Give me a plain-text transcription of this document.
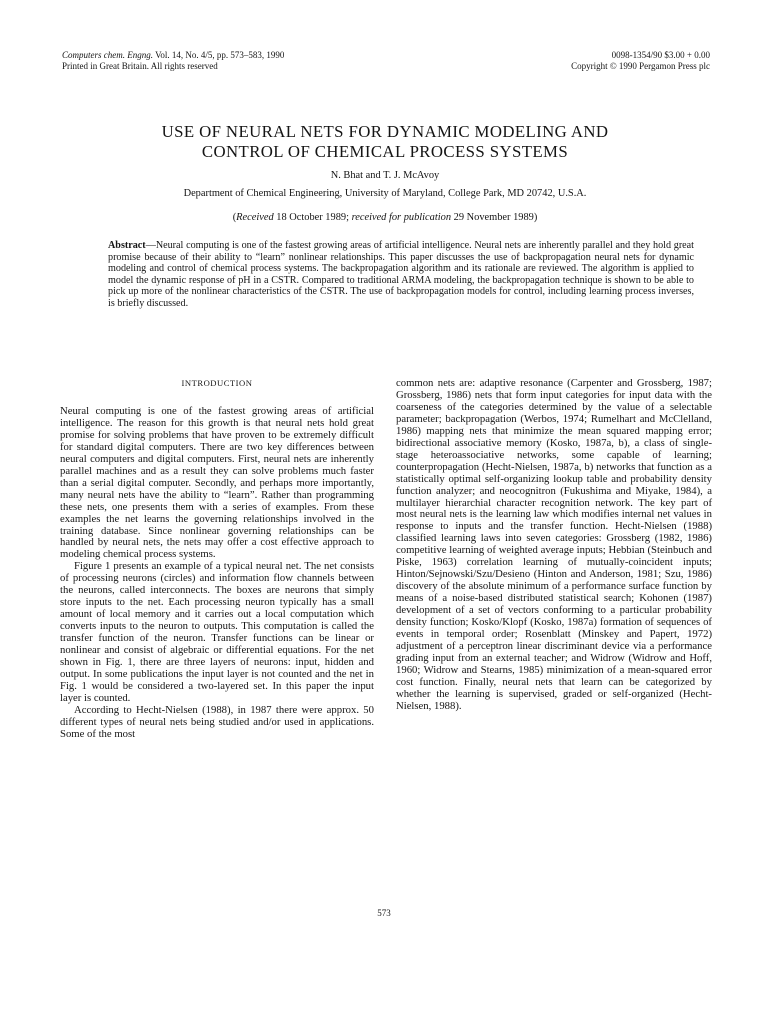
Computers chem. Engng. Vol. 14, No. 4/5, pp. 573–583, 1990
Printed in Great Britain. All rights reserved
0098-1354/90 $3.00 + 0.00
Copyright © 1990 Pergamon Press plc
USE OF NEURAL NETS FOR DYNAMIC MODELING AND
CONTROL OF CHEMICAL PROCESS SYSTEMS
N. Bhat and T. J. McAvoy
Department of Chemical Engineering, University of Maryland, College Park, MD 20742, U.S.A.
(Received 18 October 1989; received for publication 29 November 1989)
Abstract—Neural computing is one of the fastest growing areas of artificial intelligence. Neural nets are inherently parallel and they hold great promise because of their ability to “learn” nonlinear relationships. This paper discusses the use of backpropagation neural nets for dynamic modeling and control of chemical process systems. The backpropagation algorithm and its rationale are reviewed. The algorithm is applied to model the dynamic response of pH in a CSTR. Compared to traditional ARMA modeling, the backpropagation technique is shown to be able to pick up more of the nonlinear characteristics of the CSTR. The use of backpropagation models for control, including learning process inverses, is briefly discussed.
INTRODUCTION

Neural computing is one of the fastest growing areas of artificial intelligence. The reason for this growth is that neural nets hold great promise for solving problems that have proven to be extremely difficult for standard digital computers. There are two key differences between neural computers and digital computers. First, neural nets are inherently parallel machines and as a result they can solve problems much faster than a serial digital computer. Secondly, and perhaps more importantly, many neural nets have the ability to “learn”. Rather than programming these nets, one presents them with a series of examples. From these examples the net learns the governing relationships involved in the training database. Since nonlinear governing relationships can be handled by neural nets, the nets may offer a cost effective approach to modeling chemical process systems.

Figure 1 presents an example of a typical neural net. The net consists of processing neurons (circles) and information flow channels between the neurons, called interconnects. The boxes are neurons that simply store inputs to the net. Each processing neuron typically has a small amount of local memory and it carries out a local computation which converts inputs to the neuron to outputs. This computation is called the transfer function of the neuron. Transfer functions can be linear or nonlinear and consist of algebraic or differential equations. For the net shown in Fig. 1, there are three layers of neurons: input, hidden and output. In some publications the input layer is not counted and the net in Fig. 1 would be considered a two-layered set. In this paper the input layer is counted.

According to Hecht-Nielsen (1988), in 1987 there were approx. 50 different types of neural nets being studied and/or used in applications. Some of the most

common nets are: adaptive resonance (Carpenter and Grossberg, 1987; Grossberg, 1986) nets that form input categories for input data with the coarseness of the categories determined by the value of a selectable parameter; backpropagation (Werbos, 1974; Rumelhart and McClelland, 1986) mapping nets that minimize the mean squared mapping error; bidirectional associative memory (Kosko, 1987a, b), a class of single-stage heteroassociative networks, some capable of learning; counterpropagation (Hecht-Nielsen, 1987a, b) networks that function as a statistically optimal self-organizing lookup table and probability density function analyzer; and neocognitron (Fukushima and Miyake, 1984), a multilayer hierarchial character recognition network. The key part of most neural nets is the learning law which modifies internal net values in response to inputs and the transfer function. Hecht-Nielsen (1988) classified learning laws into seven categories: Grossberg (1982, 1986) competitive learning of weighted average inputs; Hebbian (Steinbuch and Piske, 1963) correlation learning of mutually-coincident inputs; Hinton/Sejnowski/Szu/Desieno (Hinton and Anderson, 1981; Szu, 1986) discovery of the absolute minimum of a performance surface function by means of a noise-based distributed statistical search; Kohonen (1987) development of a set of vectors conforming to a particular probability density function; Kosko/Klopf (Kosko, 1987a) formation of sequences of events in temporal order; Rosenblatt (Minskey and Papert, 1972) adjustment of a perceptron linear discriminant device via a performance grading input from an external teacher; and Widrow (Widrow and Hoff, 1960; Widrow and Stearns, 1985) minimization of a mean-squared error cost function. Finally, neural nets that learn can be categorized by whether the learning is supervised, graded or self-organized (Hecht-Nielsen, 1988).

573
